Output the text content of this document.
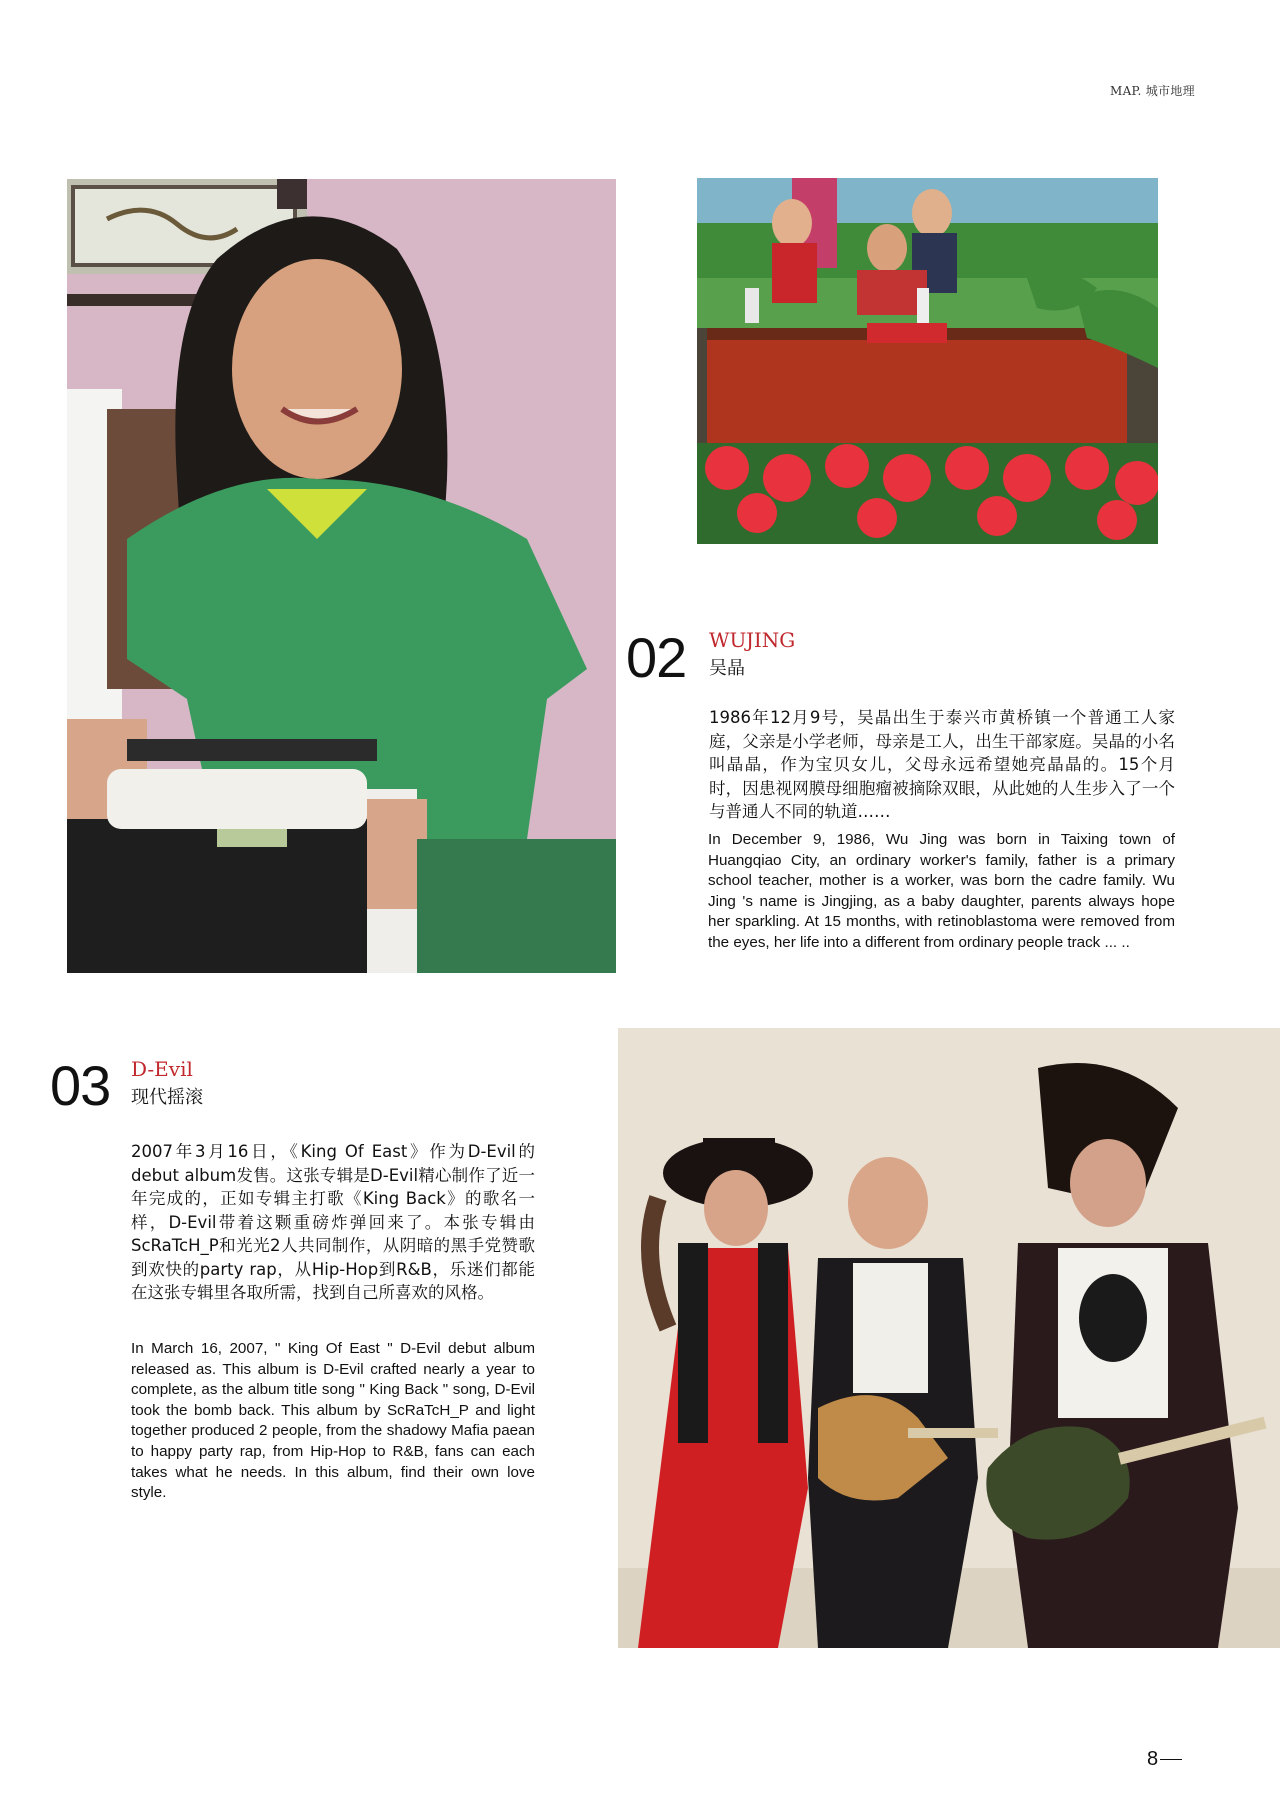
MAP. 城市地理
02 WUJING
吴晶
1986年12月9号，吴晶出生于泰兴市黄桥镇一个普通工人家庭，父亲是小学老师，母亲是工人，出生干部家庭。吴晶的小名叫晶晶，作为宝贝女儿，父母永远希望她亮晶晶的。15个月时，因患视网膜母细胞瘤被摘除双眼，从此她的人生步入了一个与普通人不同的轨道……
In December 9, 1986, Wu Jing was born in Taixing town of Huangqiao City, an ordinary worker's family, father is a primary school teacher, mother is a worker, was born the cadre family. Wu Jing 's name is Jingjing, as a baby daughter, parents always hope her sparkling. At 15 months, with retinoblastoma were removed from the eyes, her life into a different from ordinary people track ... ..
03 D-Evil
现代摇滚
2007年3月16日，《King Of East》作为D-Evil的debut album发售。这张专辑是D-Evil精心制作了近一年完成的，正如专辑主打歌《King Back》的歌名一样，D-Evil带着这颗重磅炸弹回来了。本张专辑由ScRaTcH_P和光光2人共同制作，从阴暗的黑手党赞歌到欢快的party rap，从Hip-Hop到R&B，乐迷们都能在这张专辑里各取所需，找到自己所喜欢的风格。
In March 16, 2007, " King Of East " D-Evil debut album released as. This album is D-Evil crafted nearly a year to complete, as the album title song " King Back " song, D-Evil took the bomb back. This album by ScRaTcH_P and light together produced 2 people, from the shadowy Mafia paean to happy party rap, from Hip-Hop to R&B, fans can each takes what he needs. In this album, find their own love style.
8
